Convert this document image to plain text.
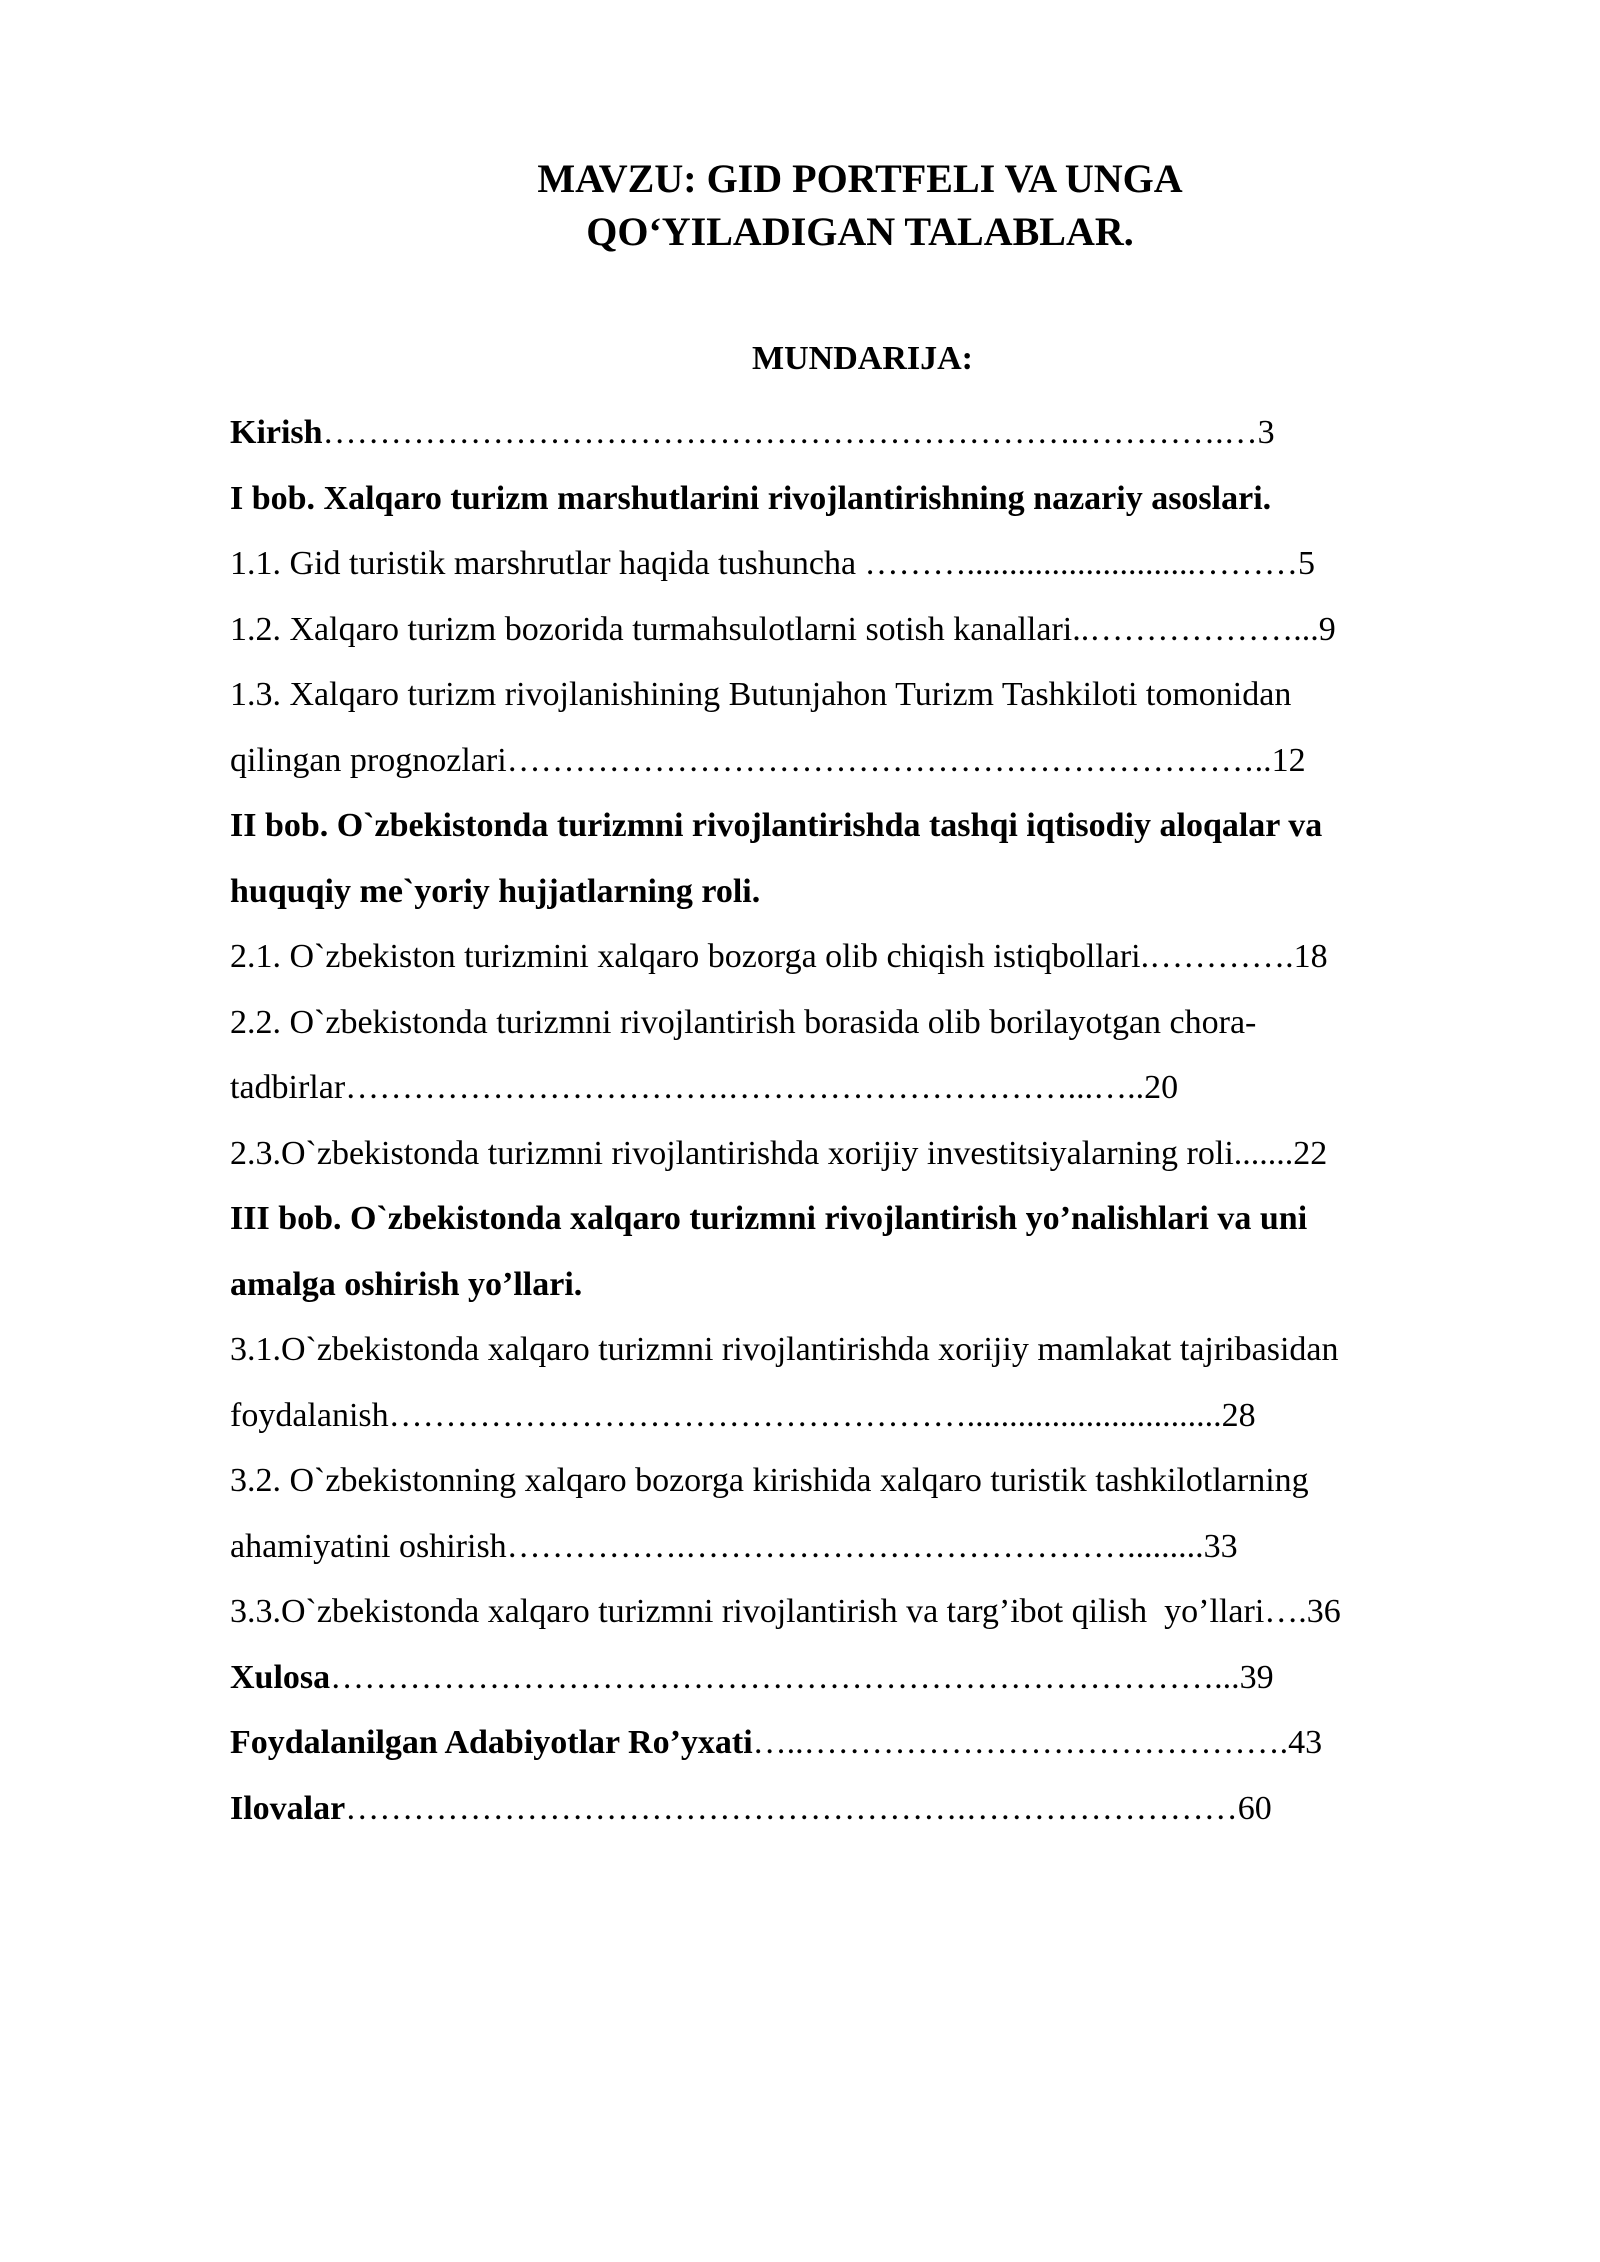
MAVZU: GID PORTFELI VA UNGA
QO‘YILADIGAN TALABLAR.
MUNDARIJA:
Kirish………………………………………………………….………….…3
I bob. Xalqaro turizm marshutlarini rivojlantirishning nazariy asoslari.
1.1. Gid turistik marshrutlar haqida tushuncha ………...........................………5
1.2. Xalqaro turizm bozorida turmahsulotlarni sotish kanallari..………………...9
1.3. Xalqaro turizm rivojlanishining Butunjahon Turizm Tashkiloti tomonidan
qilingan prognozlari…………………………………………………………..12
II bob. O`zbekistonda turizmni rivojlantirishda tashqi iqtisodiy aloqalar va
huquqiy me`yoriy hujjatlarning roli.
2.1. O`zbekiston turizmini xalqaro bozorga olib chiqish istiqbollari.………….18
2.2. O`zbekistonda turizmni rivojlantirish borasida olib borilayotgan chora-
tadbirlar…………………………….…………………………...…..20
2.3.O`zbekistonda turizmni rivojlantirishda xorijiy investitsiyalarning roli.......22
III bob. O`zbekistonda xalqaro turizmni rivojlantirish yo’nalishlari va uni
amalga oshirish yo’llari.
3.1.O`zbekistonda xalqaro turizmni rivojlantirishda xorijiy mamlakat tajribasidan
foydalanish……………………………………………..............................28
3.2. O`zbekistonning xalqaro bozorga kirishida xalqaro turistik tashkilotlarning
ahamiyatini oshirish…………….………………………………….........33
3.3.O`zbekistonda xalqaro turizmni rivojlantirish va targ’ibot qilish  yo’llari….36
Xulosa……………………………………………………………………...39
Foydalanilgan Adabiyotlar Ro’yxati…..…………………………………….43
Ilovalar……………………………………………….……………………60
